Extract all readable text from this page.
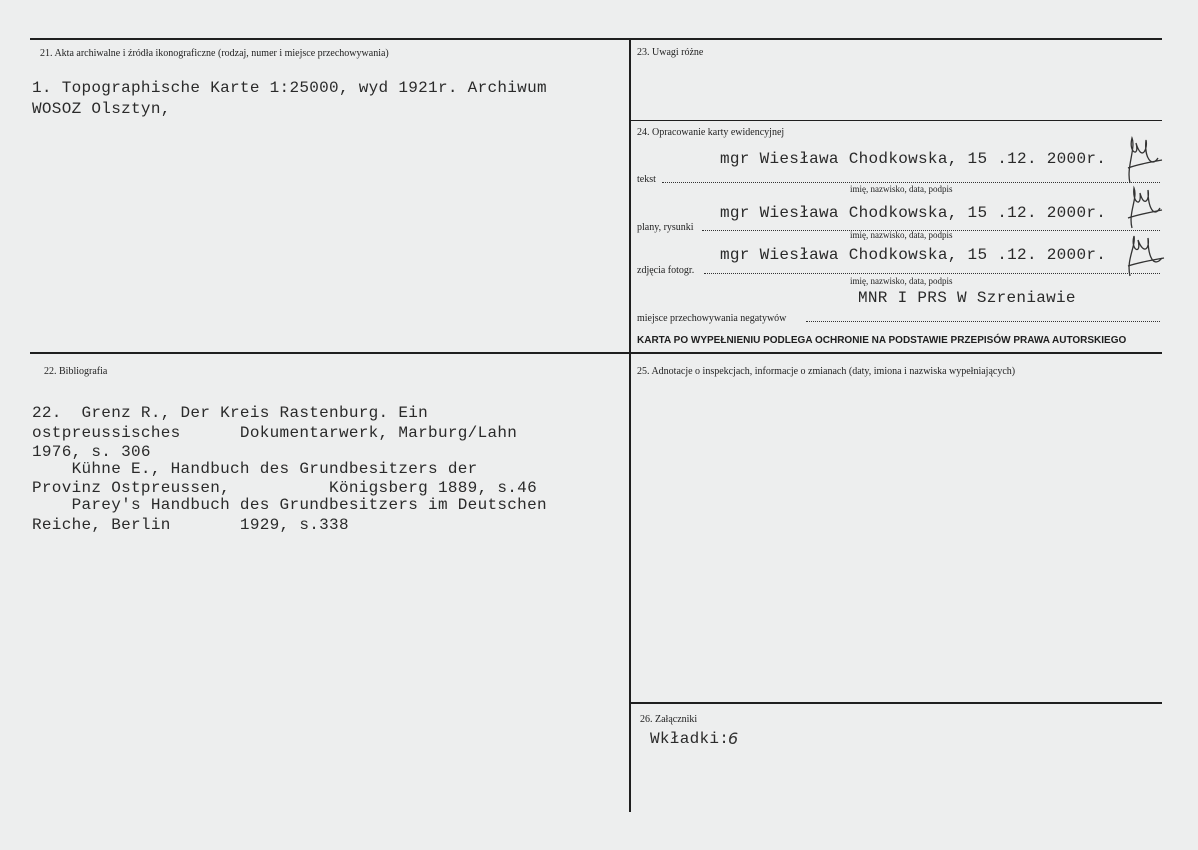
21. Akta archiwalne i źródła ikonograficzne (rodzaj, numer i miejsce przechowywania)
1. Topographische Karte 1:25000, wyd 1921r. Archiwum
WOSOZ Olsztyn,
22. Bibliografia
22.  Grenz R., Der Kreis Rastenburg. Ein
ostpreussisches      Dokumentarwerk, Marburg/Lahn
1976, s. 306
Kühne E., Handbuch des Grundbesitzers der
Provinz Ostpreussen,          Königsberg 1889, s.46
Parey's Handbuch des Grundbesitzers im Deutschen
Reiche, Berlin       1929, s.338
23. Uwagi różne
24. Opracowanie karty ewidencyjnej
mgr Wiesława Chodkowska, 15 .12. 2000r.
tekst
imię, nazwisko, data, podpis
mgr Wiesława Chodkowska, 15 .12. 2000r.
plany, rysunki
imię, nazwisko, data, podpis
mgr Wiesława Chodkowska, 15 .12. 2000r.
zdjęcia fotogr.
imię, nazwisko, data, podpis
MNR I PRS W Szreniawie
miejsce przechowywania negatywów
KARTA PO WYPEŁNIENIU PODLEGA OCHRONIE NA PODSTAWIE PRZEPISÓW PRAWA AUTORSKIEGO
25. Adnotacje o inspekcjach, informacje o zmianach (daty, imiona i nazwiska wypełniających)
26. Załączniki
Wkładki:
6
